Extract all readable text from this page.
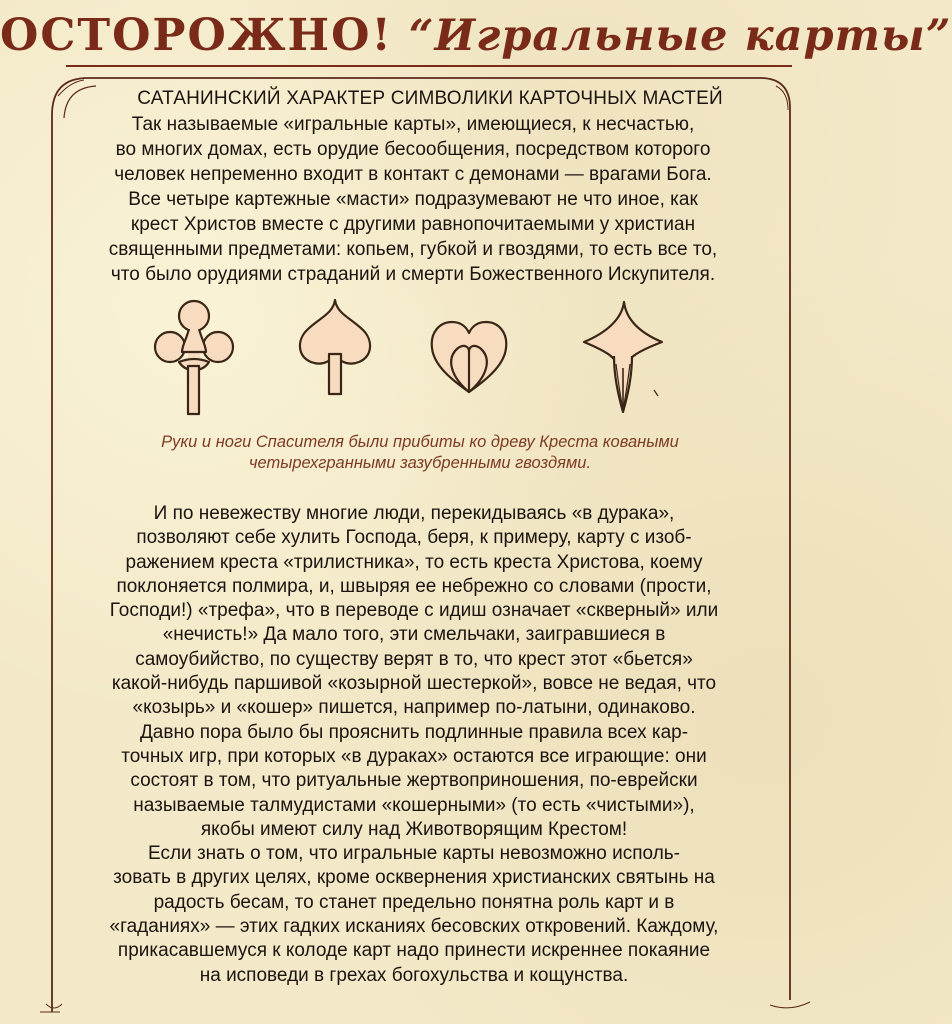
ОСТОРОЖНО! “Игральные карты”
САТАНИНСКИЙ ХАРАКТЕР СИМВОЛИКИ КАРТОЧНЫХ МАСТЕЙ
Так называемые «игральные карты», имеющиеся, к несчастью,
во многих домах, есть орудие бесообщения, посредством которого
человек непременно входит в контакт с демонами — врагами Бога.
Все четыре картежные «масти» подразумевают не что иное, как
крест Христов вместе с другими равнопочитаемыми у христиан
священными предметами: копьем, губкой и гвоздями, то есть все то,
что было орудиями страданий и смерти Божественного Искупителя.
Руки и ноги Спасителя были прибиты ко древу Креста коваными
четырехгранными зазубренными гвоздями.
И по невежеству многие люди, перекидываясь «в дурака»,
позволяют себе хулить Господа, беря, к примеру, карту с изоб-
ражением креста «трилистника», то есть креста Христова, коему
поклоняется полмира, и, швыряя ее небрежно со словами (прости,
Господи!) «трефа», что в переводе с идиш означает «скверный» или
«нечисть!» Да мало того, эти смельчаки, заигравшиеся в
самоубийство, по существу верят в то, что крест этот «бьется»
какой-нибудь паршивой «козырной шестеркой», вовсе не ведая, что
«козырь» и «кошер» пишется, например по-латыни, одинаково.
Давно пора было бы прояснить подлинные правила всех кар-
точных игр, при которых «в дураках» остаются все играющие: они
состоят в том, что ритуальные жертвоприношения, по-еврейски
называемые талмудистами «кошерными» (то есть «чистыми»),
якобы имеют силу над Животворящим Крестом!
Если знать о том, что игральные карты невозможно исполь-
зовать в других целях, кроме осквернения христианских святынь на
радость бесам, то станет предельно понятна роль карт и в
«гаданиях» — этих гадких исканиях бесовских откровений. Каждому,
прикасавшемуся к колоде карт надо принести искреннее покаяние
на исповеди в грехах богохульства и кощунства.
